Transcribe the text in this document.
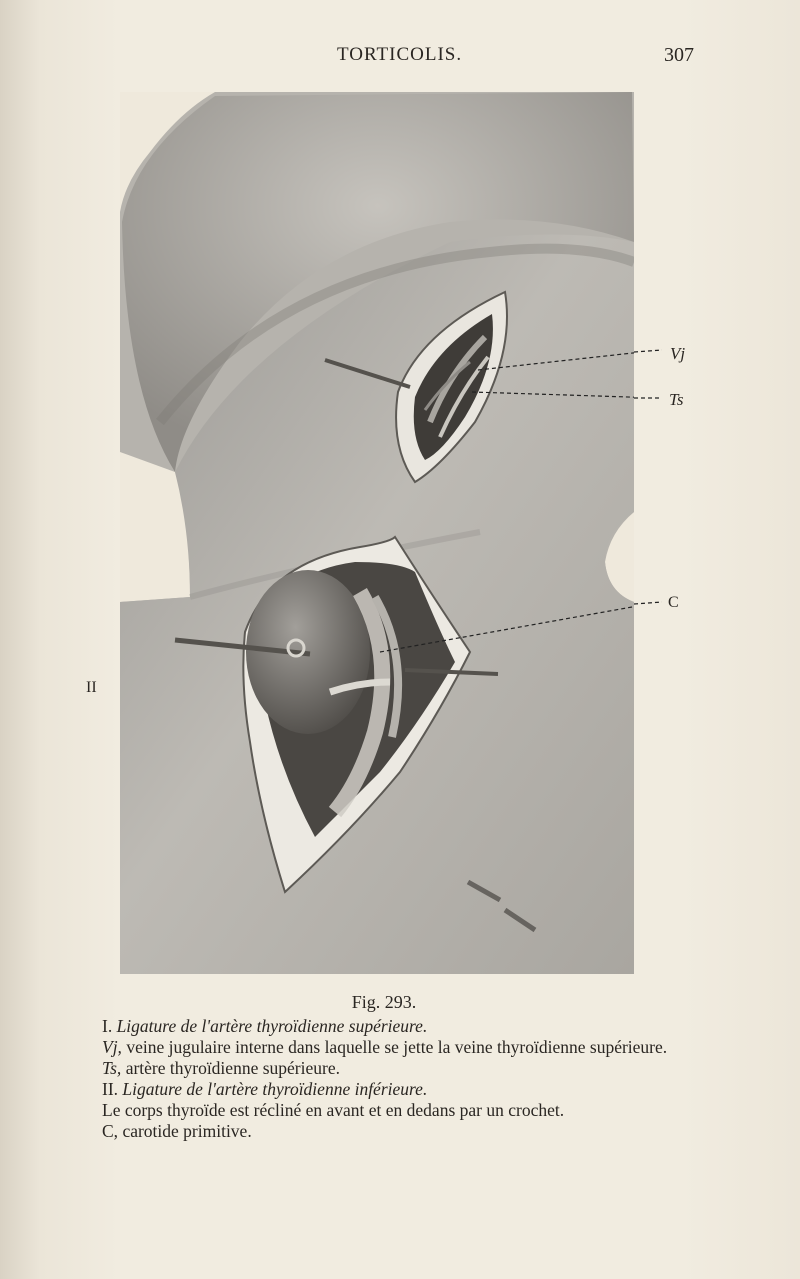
TORTICOLIS.	307
Vj
Ts
C
II
Fig. 293.
I. Ligature de l'artère thyroïdienne supérieure.
Vj, veine jugulaire interne dans laquelle se jette la veine thyroïdienne supérieure.
Ts, artère thyroïdienne supérieure.
II. Ligature de l'artère thyroïdienne inférieure.
Le corps thyroïde est récliné en avant et en dedans par un crochet.
C, carotide primitive.
